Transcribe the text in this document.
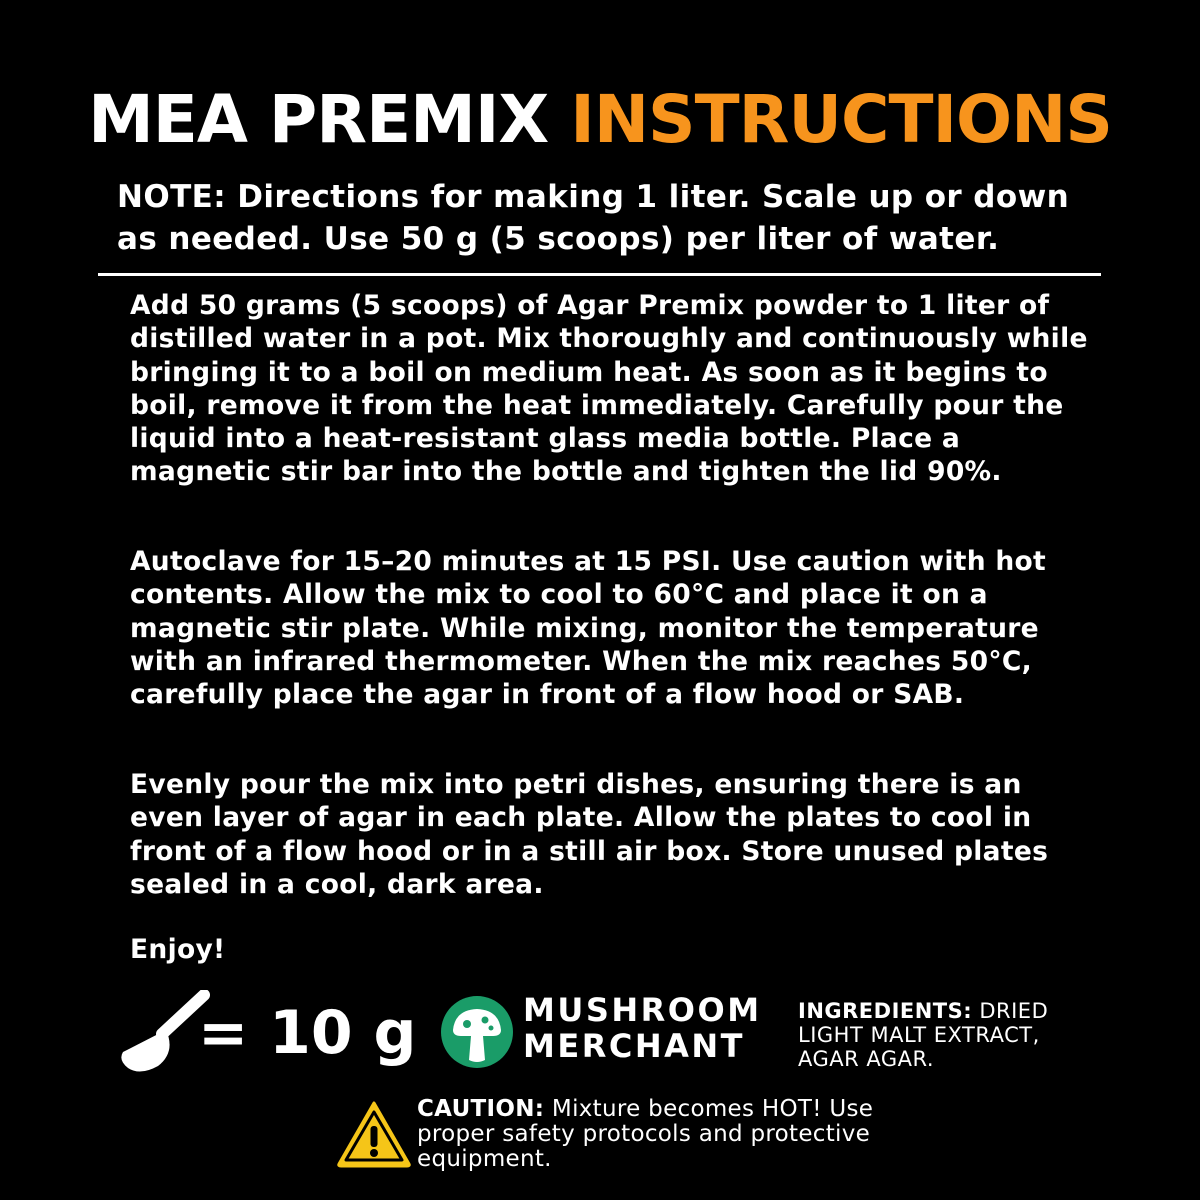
MEA PREMIX INSTRUCTIONS
NOTE: Directions for making 1 liter. Scale up or down as needed. Use 50 g (5 scoops) per liter of water.
Add 50 grams (5 scoops) of Agar Premix powder to 1 liter of distilled water in a pot. Mix thoroughly and continuously while bringing it to a boil on medium heat. As soon as it begins to boil, remove it from the heat immediately. Carefully pour the liquid into a heat-resistant glass media bottle. Place a magnetic stir bar into the bottle and tighten the lid 90%.
Autoclave for 15–20 minutes at 15 PSI. Use caution with hot contents. Allow the mix to cool to 60°C and place it on a magnetic stir plate. While mixing, monitor the temperature with an infrared thermometer. When the mix reaches 50°C, carefully place the agar in front of a flow hood or SAB.
Evenly pour the mix into petri dishes, ensuring there is an even layer of agar in each plate. Allow the plates to cool in front of a flow hood or in a still air box. Store unused plates sealed in a cool, dark area.
Enjoy!
= 10 g	MUSHROOM
MERCHANT
INGREDIENTS: DRIED LIGHT MALT EXTRACT, AGAR AGAR.
CAUTION: Mixture becomes HOT! Use proper safety protocols and protective equipment.
